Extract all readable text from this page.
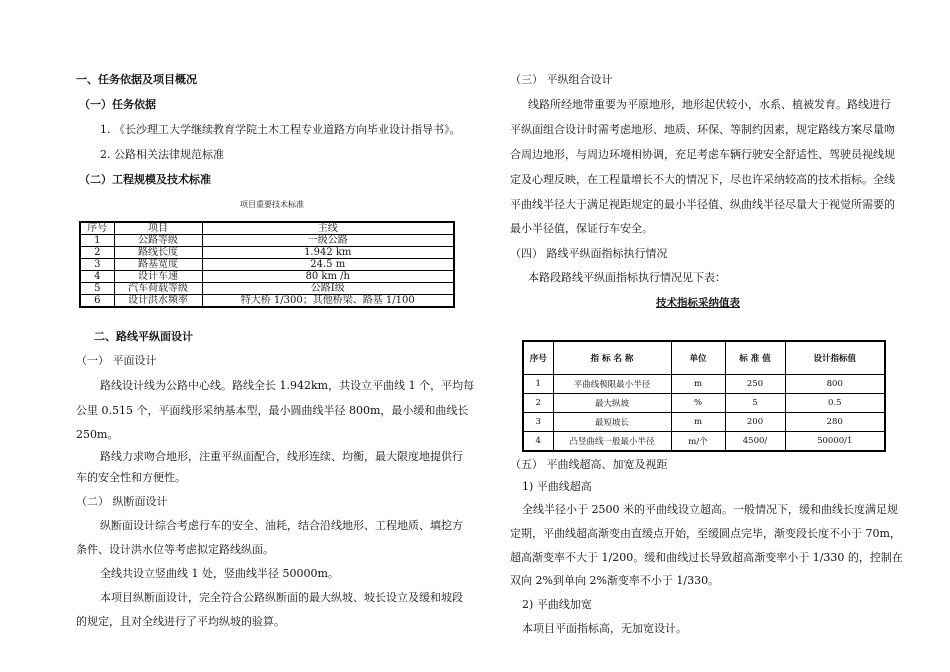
一、任务依据及项目概况
（一）任务依据
1. 《长沙理工大学继续教育学院土木工程专业道路方向毕业设计指导书》。
2. 公路相关法律规范标准
（二）工程规模及技术标准
项目重要技术标准
序号	项目	主线
1	公路等级	一级公路
2	路线长度	1.942 km
3	路基宽度	24.5 m
4	设计车速	80 km /h
5	汽车荷载等级	公路Ⅰ级
6	设计洪水频率	特大桥 1/300；其他桥梁、路基 1/100
二、路线平纵面设计
（一） 平面设计
路线设计线为公路中心线。路线全长 1.942km，共设立平曲线 1 个，平均每
公里 0.515 个，平面线形采纳基本型，最小圆曲线半径 800m，最小缓和曲线长
250m。
路线力求吻合地形，注重平纵面配合，线形连续、均衡，最大限度地提供行
车的安全性和方便性。
（二） 纵断面设计
纵断面设计综合考虑行车的安全、油耗，结合沿线地形、工程地质、填挖方
条件、设计洪水位等考虑拟定路线纵面。
全线共设立竖曲线 1 处，竖曲线半径 50000m。
本项目纵断面设计，完全符合公路纵断面的最大纵坡、坡长设立及缓和坡段
的规定，且对全线进行了平均纵坡的验算。
（三） 平纵组合设计
线路所经地带重要为平原地形，地形起伏较小，水系、植被发育。路线进行
平纵面组合设计时需考虑地形、地质、环保、等制约因素，规定路线方案尽量吻
合周边地形，与周边环境相协调，充足考虑车辆行驶安全舒适性、驾驶员视线规
定及心理反映，在工程量增长不大的情况下，尽也许采纳较高的技术指标。全线
平曲线半径大于满足视距规定的最小半径值、纵曲线半径尽量大于视觉所需要的
最小半径值，保证行车安全。
（四） 路线平纵面指标执行情况
本路段路线平纵面指标执行情况见下表：
技术指标采纳值表
序号	指 标 名 称	单位	标 准 值	设计指标值
1	平曲线极限最小半径	m	250	800
2	最大纵坡	%	5	0.5
3	最短坡长	m	200	280
4	凸竖曲线一般最小半径	m/个	4500/	50000/1
（五） 平曲线超高、加宽及视距
1) 平曲线超高
全线半径小于 2500 米的平曲线设立超高。一般情况下，缓和曲线长度满足规
定期，平曲线超高渐变由直缓点开始，至缓圆点完毕，渐变段长度不小于 70m，
超高渐变率不大于 1/200。缓和曲线过长导致超高渐变率小于 1/330 的，控制在
双向 2%到单向 2%渐变率不小于 1/330。
2) 平曲线加宽
本项目平面指标高，无加宽设计。
